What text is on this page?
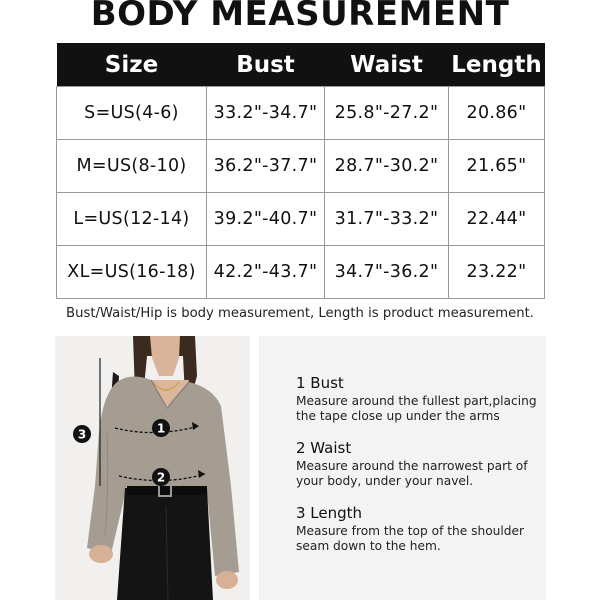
BODY MEASUREMENT
Size	Bust	Waist	Length
S=US(4-6)	33.2"-34.7"	25.8"-27.2"	20.86"
M=US(8-10)	36.2"-37.7"	28.7"-30.2"	21.65"
L=US(12-14)	39.2"-40.7"	31.7"-33.2"	22.44"
XL=US(16-18)	42.2"-43.7"	34.7"-36.2"	23.22"
Bust/Waist/Hip is body measurement, Length is product measurement.
1
2
3
1 Bust
Measure around the fullest part,placing the tape close up under the arms
2 Waist
Measure around the narrowest part of your body, under your navel.
3 Length
Measure from the top of the shoulder seam down to the hem.
